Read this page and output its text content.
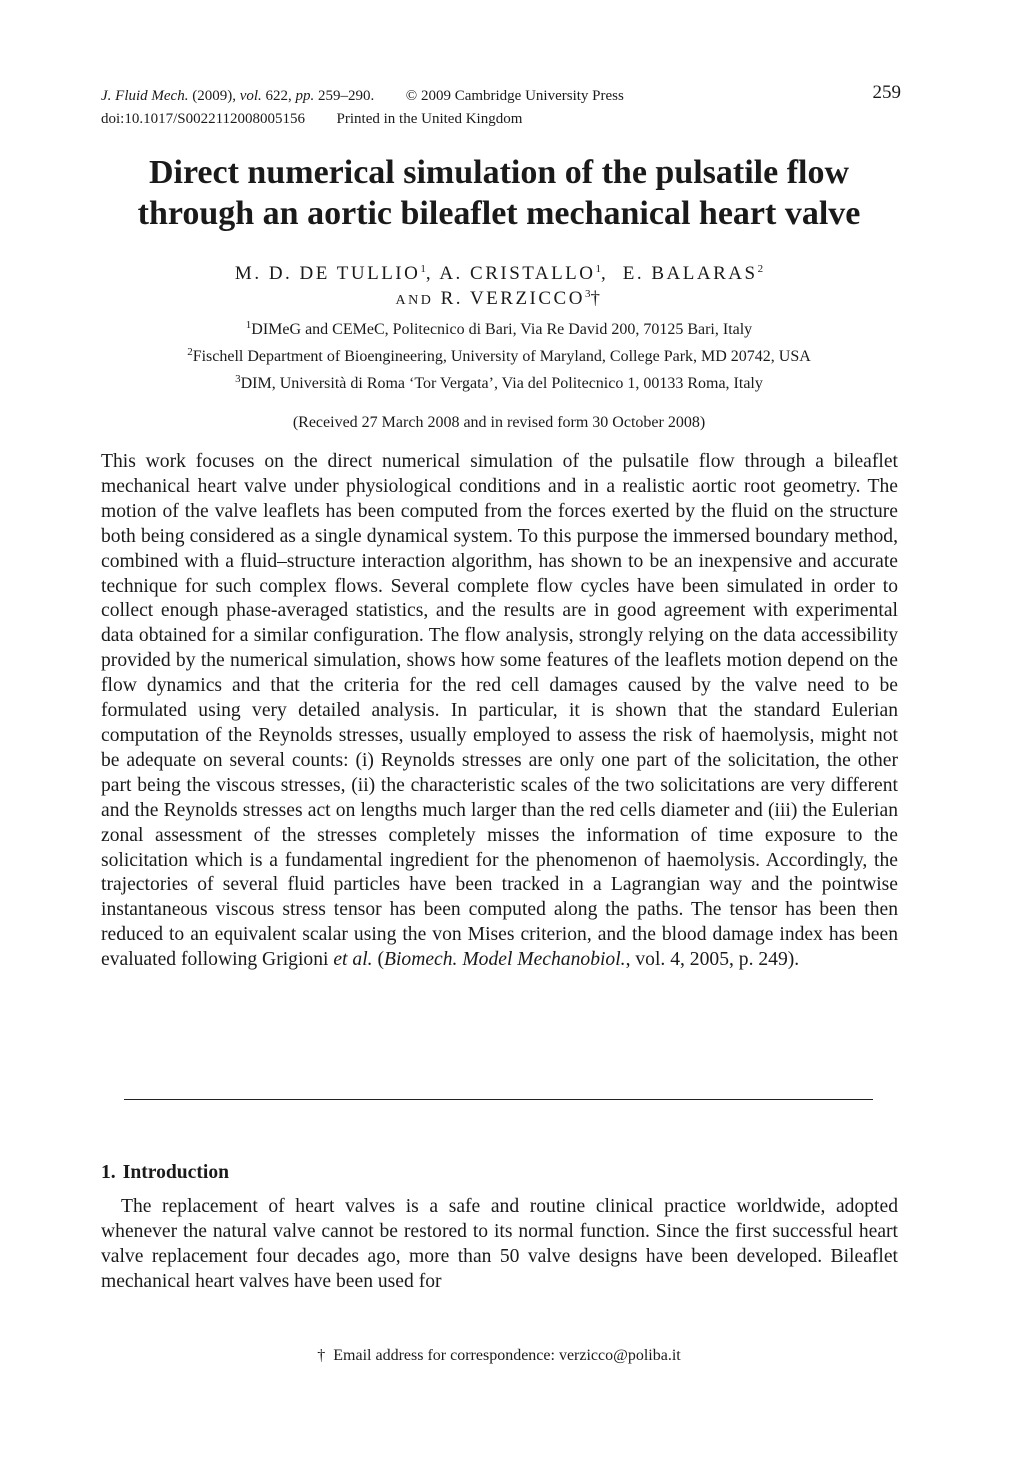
J. Fluid Mech. (2009), vol. 622, pp. 259–290. © 2009 Cambridge University Press
doi:10.1017/S0022112008005156 Printed in the United Kingdom
259
Direct numerical simulation of the pulsatile flow
through an aortic bileaflet mechanical heart valve
M. D. DE TULLIO$^1$, A. CRISTALLO$^1$,  E. BALARAS$^2$
AND R. VERZICCO$^3$†
$^1$DIMeG and CEMeC, Politecnico di Bari, Via Re David 200, 70125 Bari, Italy
$^2$Fischell Department of Bioengineering, University of Maryland, College Park, MD 20742, USA
$^3$DIM, Università di Roma ‘Tor Vergata’, Via del Politecnico 1, 00133 Roma, Italy
(Received 27 March 2008 and in revised form 30 October 2008)

This work focuses on the direct numerical simulation of the pulsatile flow through a bileaflet mechanical heart valve under physiological conditions and in a realistic aortic root geometry. The motion of the valve leaflets has been computed from the forces exerted by the fluid on the structure both being considered as a single dynamical system. To this purpose the immersed boundary method, combined with a fluid–structure interaction algorithm, has shown to be an inexpensive and accurate technique for such complex flows. Several complete flow cycles have been simulated in order to collect enough phase-averaged statistics, and the results are in good agreement with experimental data obtained for a similar configuration. The flow analysis, strongly relying on the data accessibility provided by the numerical simulation, shows how some features of the leaflets motion depend on the flow dynamics and that the criteria for the red cell damages caused by the valve need to be formulated using very detailed analysis. In particular, it is shown that the standard Eulerian computation of the Reynolds stresses, usually employed to assess the risk of haemolysis, might not be adequate on several counts: (i) Reynolds stresses are only one part of the solicitation, the other part being the viscous stresses, (ii) the characteristic scales of the two solicitations are very different and the Reynolds stresses act on lengths much larger than the red cells diameter and (iii) the Eulerian zonal assessment of the stresses completely misses the information of time exposure to the solicitation which is a fundamental ingredient for the phenomenon of haemolysis. Accordingly, the trajectories of several fluid particles have been tracked in a Lagrangian way and the pointwise instantaneous viscous stress tensor has been computed along the paths. The tensor has been then reduced to an equivalent scalar using the von Mises criterion, and the blood damage index has been evaluated following Grigioni et al. (Biomech. Model Mechanobiol., vol. 4, 2005, p. 249).

1. Introduction

The replacement of heart valves is a safe and routine clinical practice worldwide, adopted whenever the natural valve cannot be restored to its normal function. Since the first successful heart valve replacement four decades ago, more than 50 valve designs have been developed. Bileaflet mechanical heart valves have been used for

† Email address for correspondence: verzicco@poliba.it
